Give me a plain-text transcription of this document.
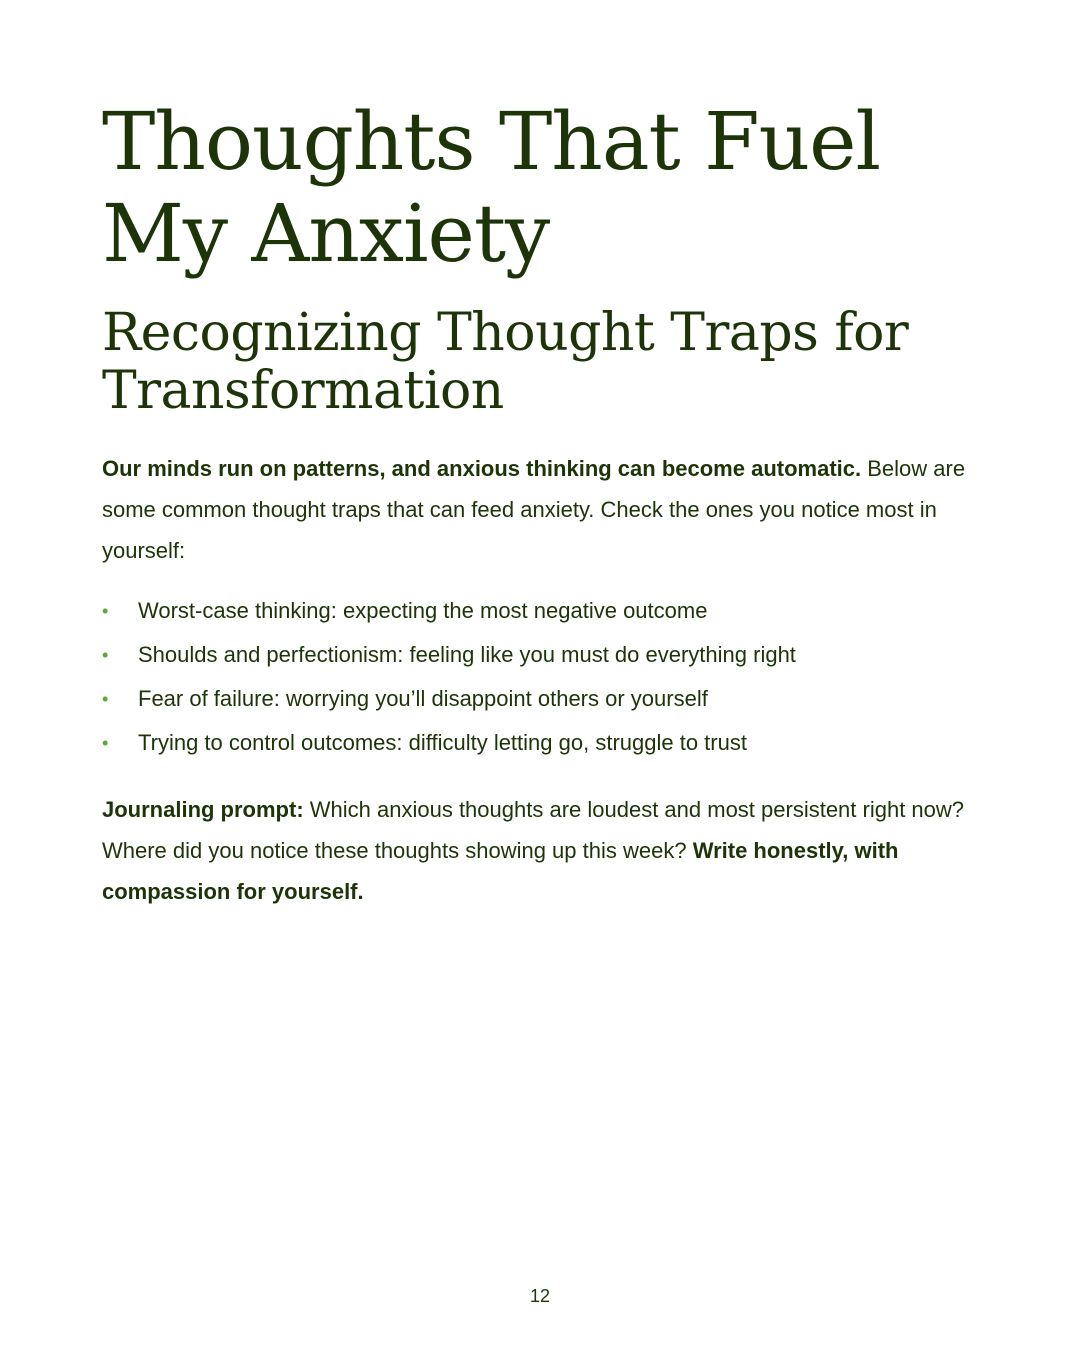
Thoughts That Fuel
My Anxiety
Recognizing Thought Traps for
Transformation

Our minds run on patterns, and anxious thinking can become automatic. Below are some common thought traps that can feed anxiety. Check the ones you notice most in yourself:

• Worst-case thinking: expecting the most negative outcome
• Shoulds and perfectionism: feeling like you must do everything right
• Fear of failure: worrying you’ll disappoint others or yourself
• Trying to control outcomes: difficulty letting go, struggle to trust

Journaling prompt: Which anxious thoughts are loudest and most persistent right now? Where did you notice these thoughts showing up this week? Write honestly, with compassion for yourself.

12
